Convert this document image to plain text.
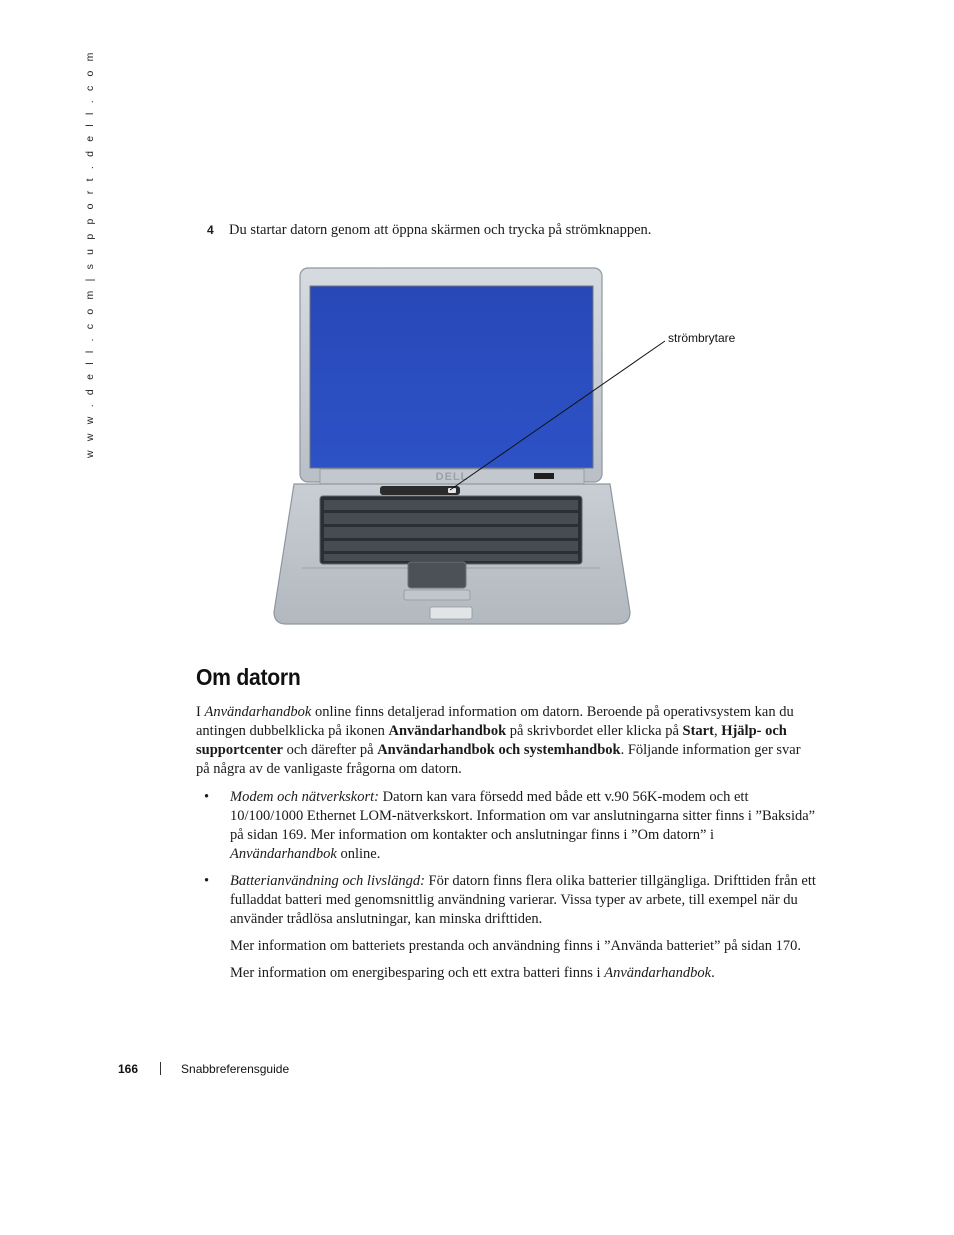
w w w . d e l l . c o m | s u p p o r t . d e l l . c o m	4 Du startar datorn genom att öppna skärmen och trycka på strömknappen.
DELL
strömbrytare
Om datorn

I Användarhandbok online finns detaljerad information om datorn. Beroende på operativsystem kan du antingen dubbelklicka på ikonen Användarhandbok på skrivbordet eller klicka på Start, Hjälp- och supportcenter och därefter på Användarhandbok och systemhandbok. Följande information ger svar på några av de vanligaste frågorna om datorn.

• Modem och nätverkskort: Datorn kan vara försedd med både ett v.90 56K-modem och ett 10/100/1000 Ethernet LOM-nätverkskort. Information om var anslutningarna sitter finns i ”Baksida” på sidan 169. Mer information om kontakter och anslutningar finns i ”Om datorn” i Användarhandbok online.
• Batterianvändning och livslängd: För datorn finns flera olika batterier tillgängliga. Drifttiden från ett fulladdat batteri med genomsnittlig användning varierar. Vissa typer av arbete, till exempel när du använder trådlösa anslutningar, kan minska drifttiden.

Mer information om batteriets prestanda och användning finns i ”Använda batteriet” på sidan 170.

Mer information om energibesparing och ett extra batteri finns i Användarhandbok.

166	Snabbreferensguide
